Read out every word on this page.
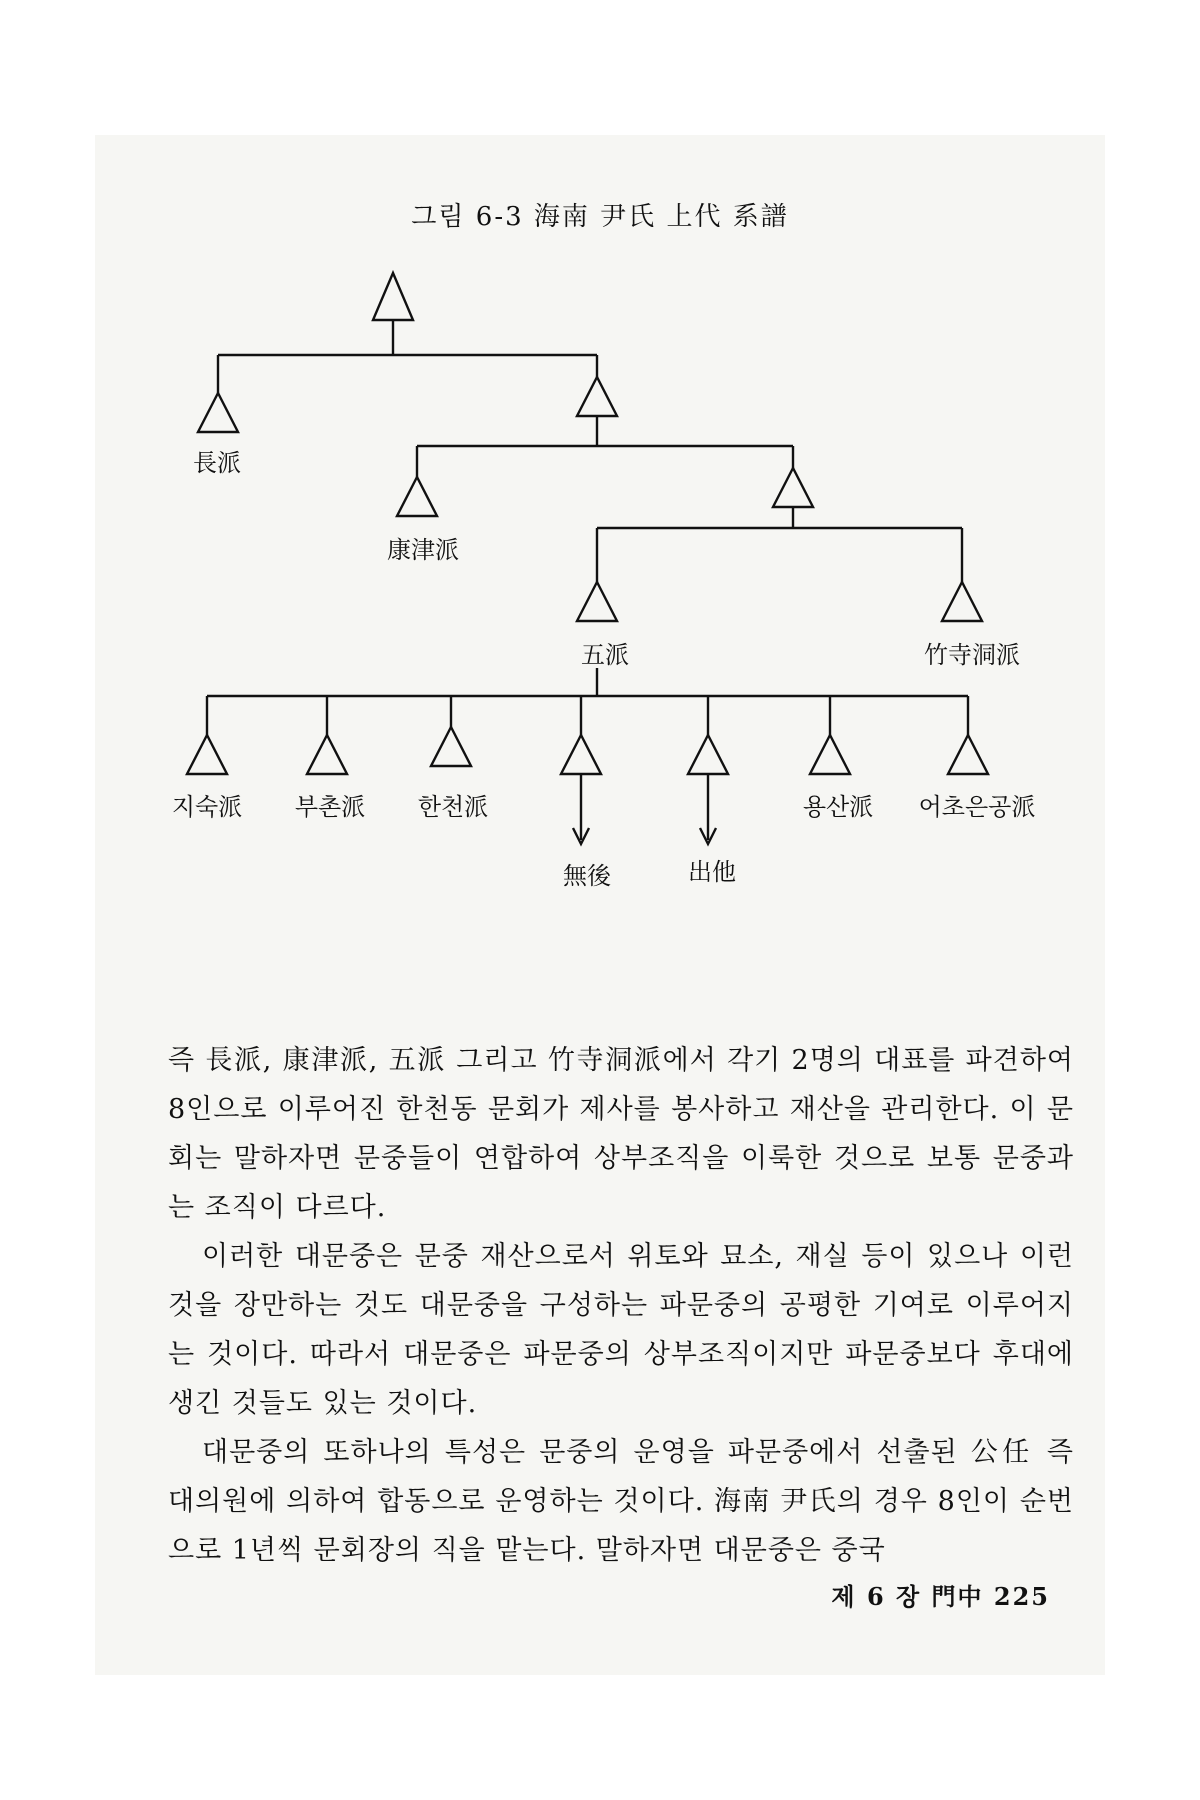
그림 6-3 海南 尹氏 上代 系譜
長派
康津派
五派	竹寺洞派
지숙派 부촌派 한천派
無後	出他
용산派 어초은공派

즉 長派, 康津派, 五派 그리고 竹寺洞派에서 각기 2명의 대표를 파견하여 8인으로 이루어진 한천동 문회가 제사를 봉사하고 재산을 관리한다. 이 문회는 말하자면 문중들이 연합하여 상부조직을 이룩한 것으로 보통 문중과는 조직이 다르다.

이러한 대문중은 문중 재산으로서 위토와 묘소, 재실 등이 있으나 이런 것을 장만하는 것도 대문중을 구성하는 파문중의 공평한 기여로 이루어지는 것이다. 따라서 대문중은 파문중의 상부조직이지만 파문중보다 후대에 생긴 것들도 있는 것이다.

대문중의 또하나의 특성은 문중의 운영을 파문중에서 선출된 公任 즉 대의원에 의하여 합동으로 운영하는 것이다. 海南 尹氏의 경우 8인이 순번으로 1년씩 문회장의 직을 맡는다. 말하자면 대문중은 중국

제 6 장 門中 225
